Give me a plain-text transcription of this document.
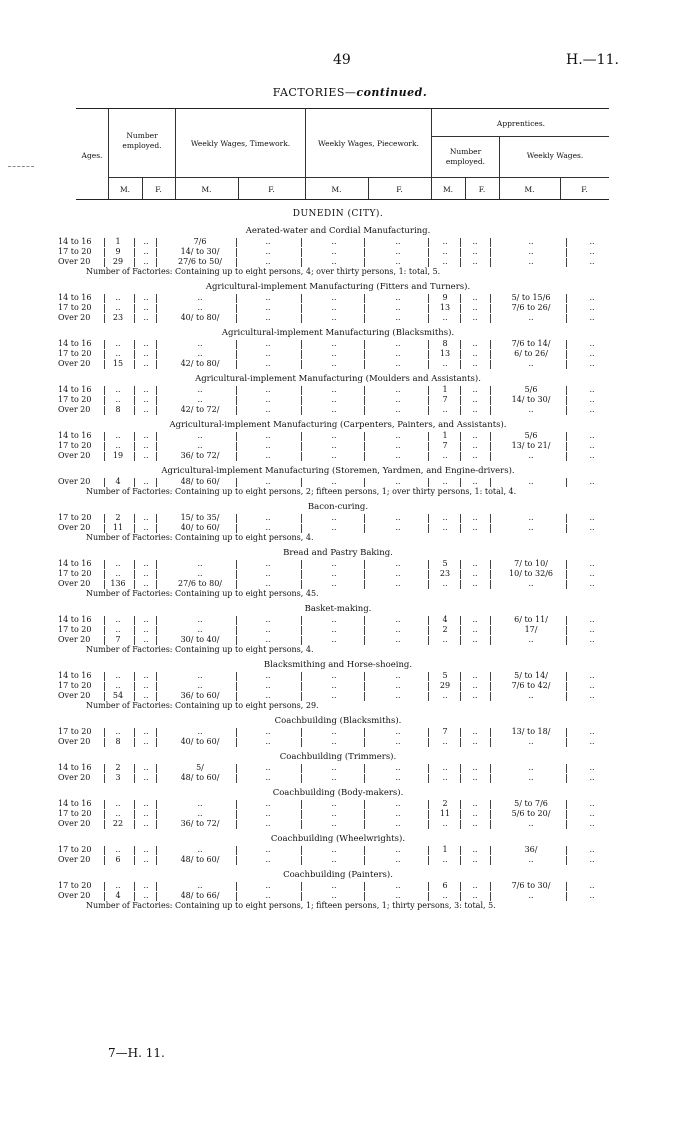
49	H.—11.
FACTORIES—continued.
Ages.
Number employed.	Weekly Wages, Timework.	Weekly Wages, Piecework.
Apprentices.
Number employed.
Weekly Wages.
M.	F.	M.	F.	M.	F.	M.	F.	M.	F.
DUNEDIN (CITY).
Aerated-water and Cordial Manufacturing.
14 to 16	1	..	7/6	..	..	..	..	..	..	..
17 to 20	9	..	14/ to 30/	..	..	..	..	..	..	..
Over 20	29	..	27/6 to 50/	..	..	..	..	..	..	..
Number of Factories: Containing up to eight persons, 4; over thirty persons, 1: total, 5.
Agricultural-implement Manufacturing (Fitters and Turners).
14 to 16	..	..	..	..	..	..	9	..	5/ to 15/6	..
17 to 20	..	..	..	..	..	..	13	..	7/6 to 26/	..
Over 20	23	..	40/ to 80/	..	..	..	..	..	..	..
Agricultural-implement Manufacturing (Blacksmiths).
14 to 16	..	..	..	..	..	..	8	..	7/6 to 14/	..
17 to 20	..	..	..	..	..	..	13	..	6/ to 26/	..
Over 20	15	..	42/ to 80/	..	..	..	..	..	..	..
Agricultural-implement Manufacturing (Moulders and Assistants).
14 to 16	..	..	..	..	..	..	1	..	5/6	..
17 to 20	..	..	..	..	..	..	7	..	14/ to 30/	..
Over 20	8	..	42/ to 72/	..	..	..	..	..	..	..
Agricultural-implement Manufacturing (Carpenters, Painters, and Assistants).
14 to 16	..	..	..	..	..	..	1	..	5/6	..
17 to 20	..	..	..	..	..	..	7	..	13/ to 21/	..
Over 20	19	..	36/ to 72/	..	..	..	..	..	..	..
Agricultural-implement Manufacturing (Storemen, Yardmen, and Engine-drivers).
Over 20	4	..	48/ to 60/	..	..	..	..	..	..	..
Number of Factories: Containing up to eight persons, 2; fifteen persons, 1; over thirty persons, 1: total, 4.
Bacon-curing.
17 to 20	2	..	15/ to 35/	..	..	..	..	..	..	..
Over 20	11	..	40/ to 60/	..	..	..	..	..	..	..
Number of Factories: Containing up to eight persons, 4.
Bread and Pastry Baking.
14 to 16	..	..	..	..	..	..	5	..	7/ to 10/	..
17 to 20	..	..	..	..	..	..	23	..	10/ to 32/6	..
Over 20	136	..	27/6 to 80/	..	..	..	..	..	..	..
Number of Factories: Containing up to eight persons, 45.
Basket-making.
14 to 16	..	..	..	..	..	..	4	..	6/ to 11/	..
17 to 20	..	..	..	..	..	..	2	..	17/	..
Over 20	7	..	30/ to 40/	..	..	..	..	..	..	..
Number of Factories: Containing up to eight persons, 4.
Blacksmithing and Horse-shoeing.
14 to 16	..	..	..	..	..	..	5	..	5/ to 14/	..
17 to 20	..	..	..	..	..	..	29	..	7/6 to 42/	..
Over 20	54	..	36/ to 60/	..	..	..	..	..	..	..
Number of Factories: Containing up to eight persons, 29.
Coachbuilding (Blacksmiths).
17 to 20	..	..	..	..	..	..	7	..	13/ to 18/	..
Over 20	8	..	40/ to 60/	..	..	..	..	..	..	..
Coachbuilding (Trimmers).
14 to 16	2	..	5/	..	..	..	..	..	..	..
Over 20	3	..	48/ to 60/	..	..	..	..	..	..	..
Coachbuilding (Body-makers).
14 to 16	..	..	..	..	..	..	2	..	5/ to 7/6	..
17 to 20	..	..	..	..	..	..	11	..	5/6 to 20/	..
Over 20	22	..	36/ to 72/	..	..	..	..	..	..	..
Coachbuilding (Wheelwrights).
17 to 20	..	..	..	..	..	..	1	..	36/	..
Over 20	6	..	48/ to 60/	..	..	..	..	..	..	..
Coachbuilding (Painters).
17 to 20	..	..	..	..	..	..	6	..	7/6 to 30/	..
Over 20	4	..	48/ to 66/	..	..	..	..	..	..	..
Number of Factories: Containing up to eight persons, 1; fifteen persons, 1; thirty persons, 3: total, 5.
7—H. 11.
